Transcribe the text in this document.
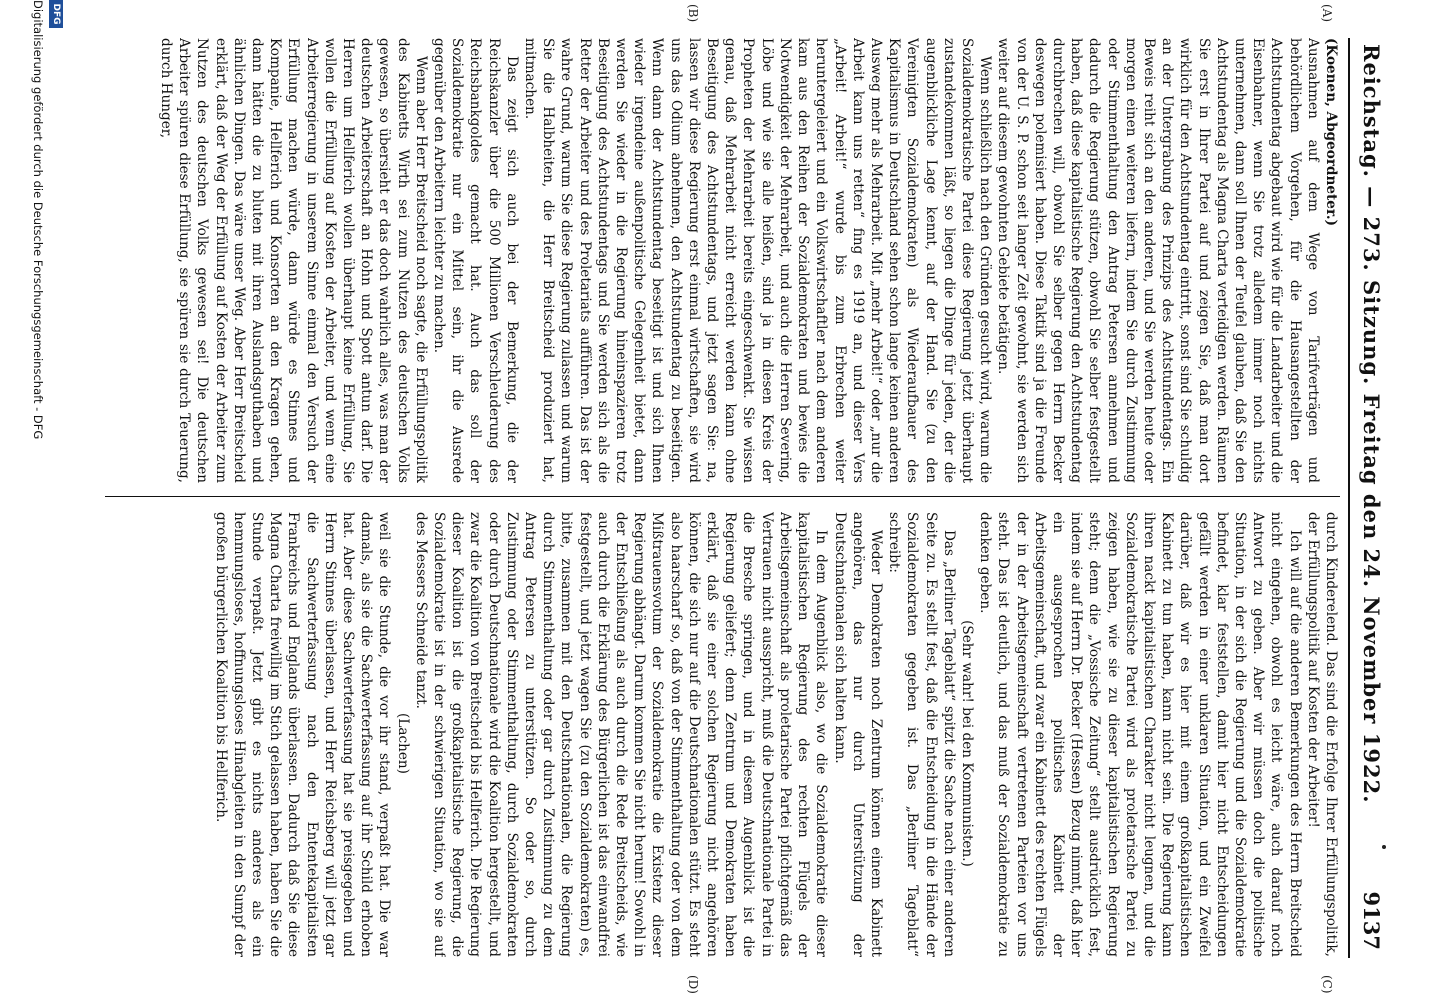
Reichstag. — 273. Sitzung. Freitag den 24. November 1922.
9137
(A)
(B)
(C)
(D)

(Koenen, Abgeordneter.)

Ausnahmen auf dem Wege von Tarifverträgen und behördlichem Vorgehen, für die Hausangestellten der Achtstundentag abgebaut wird wie für die Landarbeiter und die Eisenbahner, wenn Sie trotz alledem immer noch nichts unternehmen, dann soll Ihnen der Teufel glauben, daß Sie den Achtstundentag als Magna Charta verteidigen werden. Räumen Sie erst in Ihrer Partei auf und zeigen Sie, daß man dort wirklich für den Achtstundentag eintritt, sonst sind Sie schuldig an der Untergrabung des Prinzips des Achtstundentags. Ein Beweis reiht sich an den anderen, und Sie werden heute oder morgen einen weiteren liefern, indem Sie durch Zustimmung oder Stimmenthaltung den Antrag Petersen annehmen und dadurch die Regierung stützen, obwohl Sie selber festgestellt haben, daß diese kapitalistische Regierung den Achtstundentag durchbrechen will, obwohl Sie selber gegen Herrn Becker deswegen polemisiert haben. Diese Taktik sind ja die Freunde von der U. S. P. schon seit langer Zeit gewohnt, sie werden sich weiter auf diesem gewohnten Gebiete betätigen.

Wenn schließlich nach den Gründen gesucht wird, warum die Sozialdemokratische Partei diese Regierung jetzt überhaupt zustandekommen läßt, so liegen die Dinge für jeden, der die augenblickliche Lage kennt, auf der Hand. Sie (zu den Vereinigten Sozialdemokraten) als Wiederaufbauer des Kapitalismus in Deutschland sehen schon lange keinen anderen Ausweg mehr als Mehrarbeit. Mit „mehr Arbeit!“ oder „nur die Arbeit kann uns retten“ fing es 1919 an, und dieser Vers „Arbeit! Arbeit!“ wurde bis zum Erbrechen weiter heruntergeleiert und ein Volkswirtschaftler nach dem anderen kam aus den Reihen der Sozialdemokraten und bewies die Notwendigkeit der Mehrarbeit, und auch die Herren Severing, Löbe und wie sie alle heißen, sind ja in diesen Kreis der Propheten der Mehrarbeit bereits eingeschwenkt. Sie wissen genau, daß Mehrarbeit nicht erreicht werden kann ohne Beseitigung des Achtstundentags, und jetzt sagen Sie: na, lassen wir diese Regierung erst einmal wirtschaften, sie wird uns das Odium abnehmen, den Achtstundentag zu beseitigen. Wenn dann der Achtstundentag beseitigt ist und sich Ihnen wieder irgendeine außenpolitische Gelegenheit bietet, dann werden Sie wieder in die Regierung hineinspazieren trotz Beseitigung des Achtstundentags und Sie werden sich als die Retter der Arbeiter und des Proletariats aufführen. Das ist der wahre Grund, warum Sie diese Regierung zulassen und warum Sie die Halbheiten, die Herr Breitscheid produziert hat, mitmachen.

Das zeigt sich auch bei der Bemerkung, die der Reichskanzler über die 500 Millionen Verschleuderung des Reichsbankgoldes gemacht hat. Auch das soll der Sozialdemokratie nur ein Mittel sein, ihr die Ausrede gegenüber den Arbeitern leichter zu machen.

Wenn aber Herr Breitscheid noch sagte, die Erfüllungspolitik des Kabinetts Wirth sei zum Nutzen des deutschen Volks gewesen, so übersieht er das doch wahrlich alles, was man der deutschen Arbeiterschaft an Hohn und Spott antun darf. Die Herren um Hellferich wollen überhaupt keine Erfüllung, Sie wollen die Erfüllung auf Kosten der Arbeiter, und wenn eine Arbeiterregierung in unserem Sinne einmal den Versuch der Erfüllung machen würde, dann würde es Stinnes und Kompanie, Hellferich und Konsorten an den Kragen gehen, dann hätten die zu bluten mit ihren Auslandsguthaben und ähnlichen Dingen. Das wäre unser Weg. Aber Herr Breitscheid erklärt, daß der Weg der Erfüllung auf Kosten der Arbeiter zum Nutzen des deutschen Volks gewesen sei! Die deutschen Arbeiter spüren diese Erfüllung, sie spüren sie durch Teuerung, durch Hunger,

durch Kinderelend. Das sind die Erfolge Ihrer Erfüllungspolitik, der Erfüllungspolitik auf Kosten der Arbeiter!

Ich will auf die anderen Bemerkungen des Herrn Breitscheid nicht eingehen, obwohl es leicht wäre, auch darauf noch Antwort zu geben. Aber wir müssen doch die politische Situation, in der sich die Regierung und die Sozialdemokratie befindet, klar feststellen, damit hier nicht Entscheidungen gefällt werden in einer unklaren Situation, und ein Zweifel darüber, daß wir es hier mit einem großkapitalistischen Kabinett zu tun haben, kann nicht sein. Die Regierung kann ihren nackt kapitalistischen Charakter nicht leugnen, und die Sozialdemokratische Partei wird als proletarische Partei zu zeigen haben, wie sie zu dieser kapitalistischen Regierung steht; denn die „Vossische Zeitung“ stellt ausdrücklich fest, indem sie auf Herrn Dr. Becker (Hessen) Bezug nimmt, daß hier ein ausgesprochen politisches Kabinett der Arbeitsgemeinschaft, und zwar ein Kabinett des rechten Flügels der in der Arbeitsgemeinschaft vertretenen Parteien vor uns steht. Das ist deutlich, und das muß der Sozialdemokratie zu denken geben.

(Sehr wahr! bei den Kommunisten.)

Das „Berliner Tageblatt“ spitzt die Sache nach einer anderen Seite zu. Es stellt fest, daß die Entscheidung in die Hände der Sozialdemokraten gegeben ist. Das „Berliner Tageblatt“ schreibt:

Weder Demokraten noch Zentrum können einem Kabinett angehören, das nur durch Unterstützung der Deutschnationalen sich halten kann.

In dem Augenblick also, wo die Sozialdemokratie dieser kapitalistischen Regierung des rechten Flügels der Arbeitsgemeinschaft als proletarische Partei pflichtgemäß das Vertrauen nicht ausspricht, muß die Deutschnationale Partei in die Bresche springen, und in diesem Augenblick ist die Regierung geliefert; denn Zentrum und Demokraten haben erklärt, daß sie einer solchen Regierung nicht angehören können, die sich nur auf die Deutschnationalen stützt. Es steht also haarscharf so, daß von der Stimmenthaltung oder von dem Mißtrauensvotum der Sozialdemokratie die Existenz dieser Regierung abhängt. Darum kommen Sie nicht herum! Sowohl in der Entschließung als auch durch die Rede Breitscheids, wie auch durch die Erklärung des Bürgerlichen ist das einwandfrei festgestellt, und jetzt wagen Sie (zu den Sozialdemokraten) es, bitte, zusammen mit den Deutschnationalen, die Regierung durch Stimmenthaltung oder gar durch Zustimmung zu dem Antrag Petersen zu unterstützen. So oder so, durch Zustimmung oder Stimmenthaltung, durch Sozialdemokraten oder durch Deutschnationale wird die Koalition hergestellt, und zwar die Koalition von Breitscheid bis Hellferich. Die Regierung dieser Koalition ist die großkapitalistische Regierung, die Sozialdemokratie ist in der schwierigen Situation, wo sie auf des Messers Schneide tanzt.

(Lachen)

weil sie die Stunde, die vor ihr stand, verpaßt hat. Die war damals, als sie die Sachwerterfassung auf ihr Schild erhoben hat. Aber diese Sachwerterfassung hat sie preisgegeben und Herrn Stinnes überlassen, und Herr Reichsberg will jetzt gar die Sachwerterfassung nach den Ententekapitalisten Frankreichs und Englands überlassen. Dadurch daß Sie diese Magna Charta freiwillig im Stich gelassen haben, haben Sie die Stunde verpaßt. Jetzt gibt es nichts anderes als ein hemmungsloses, hoffnungsloses Hinabgleiten in den Sumpf der großen bürgerlichen Koalition bis Hellferich.

DFG
Digitalisierung gefördert durch die Deutsche Forschungsgemeinschaft - DFG
